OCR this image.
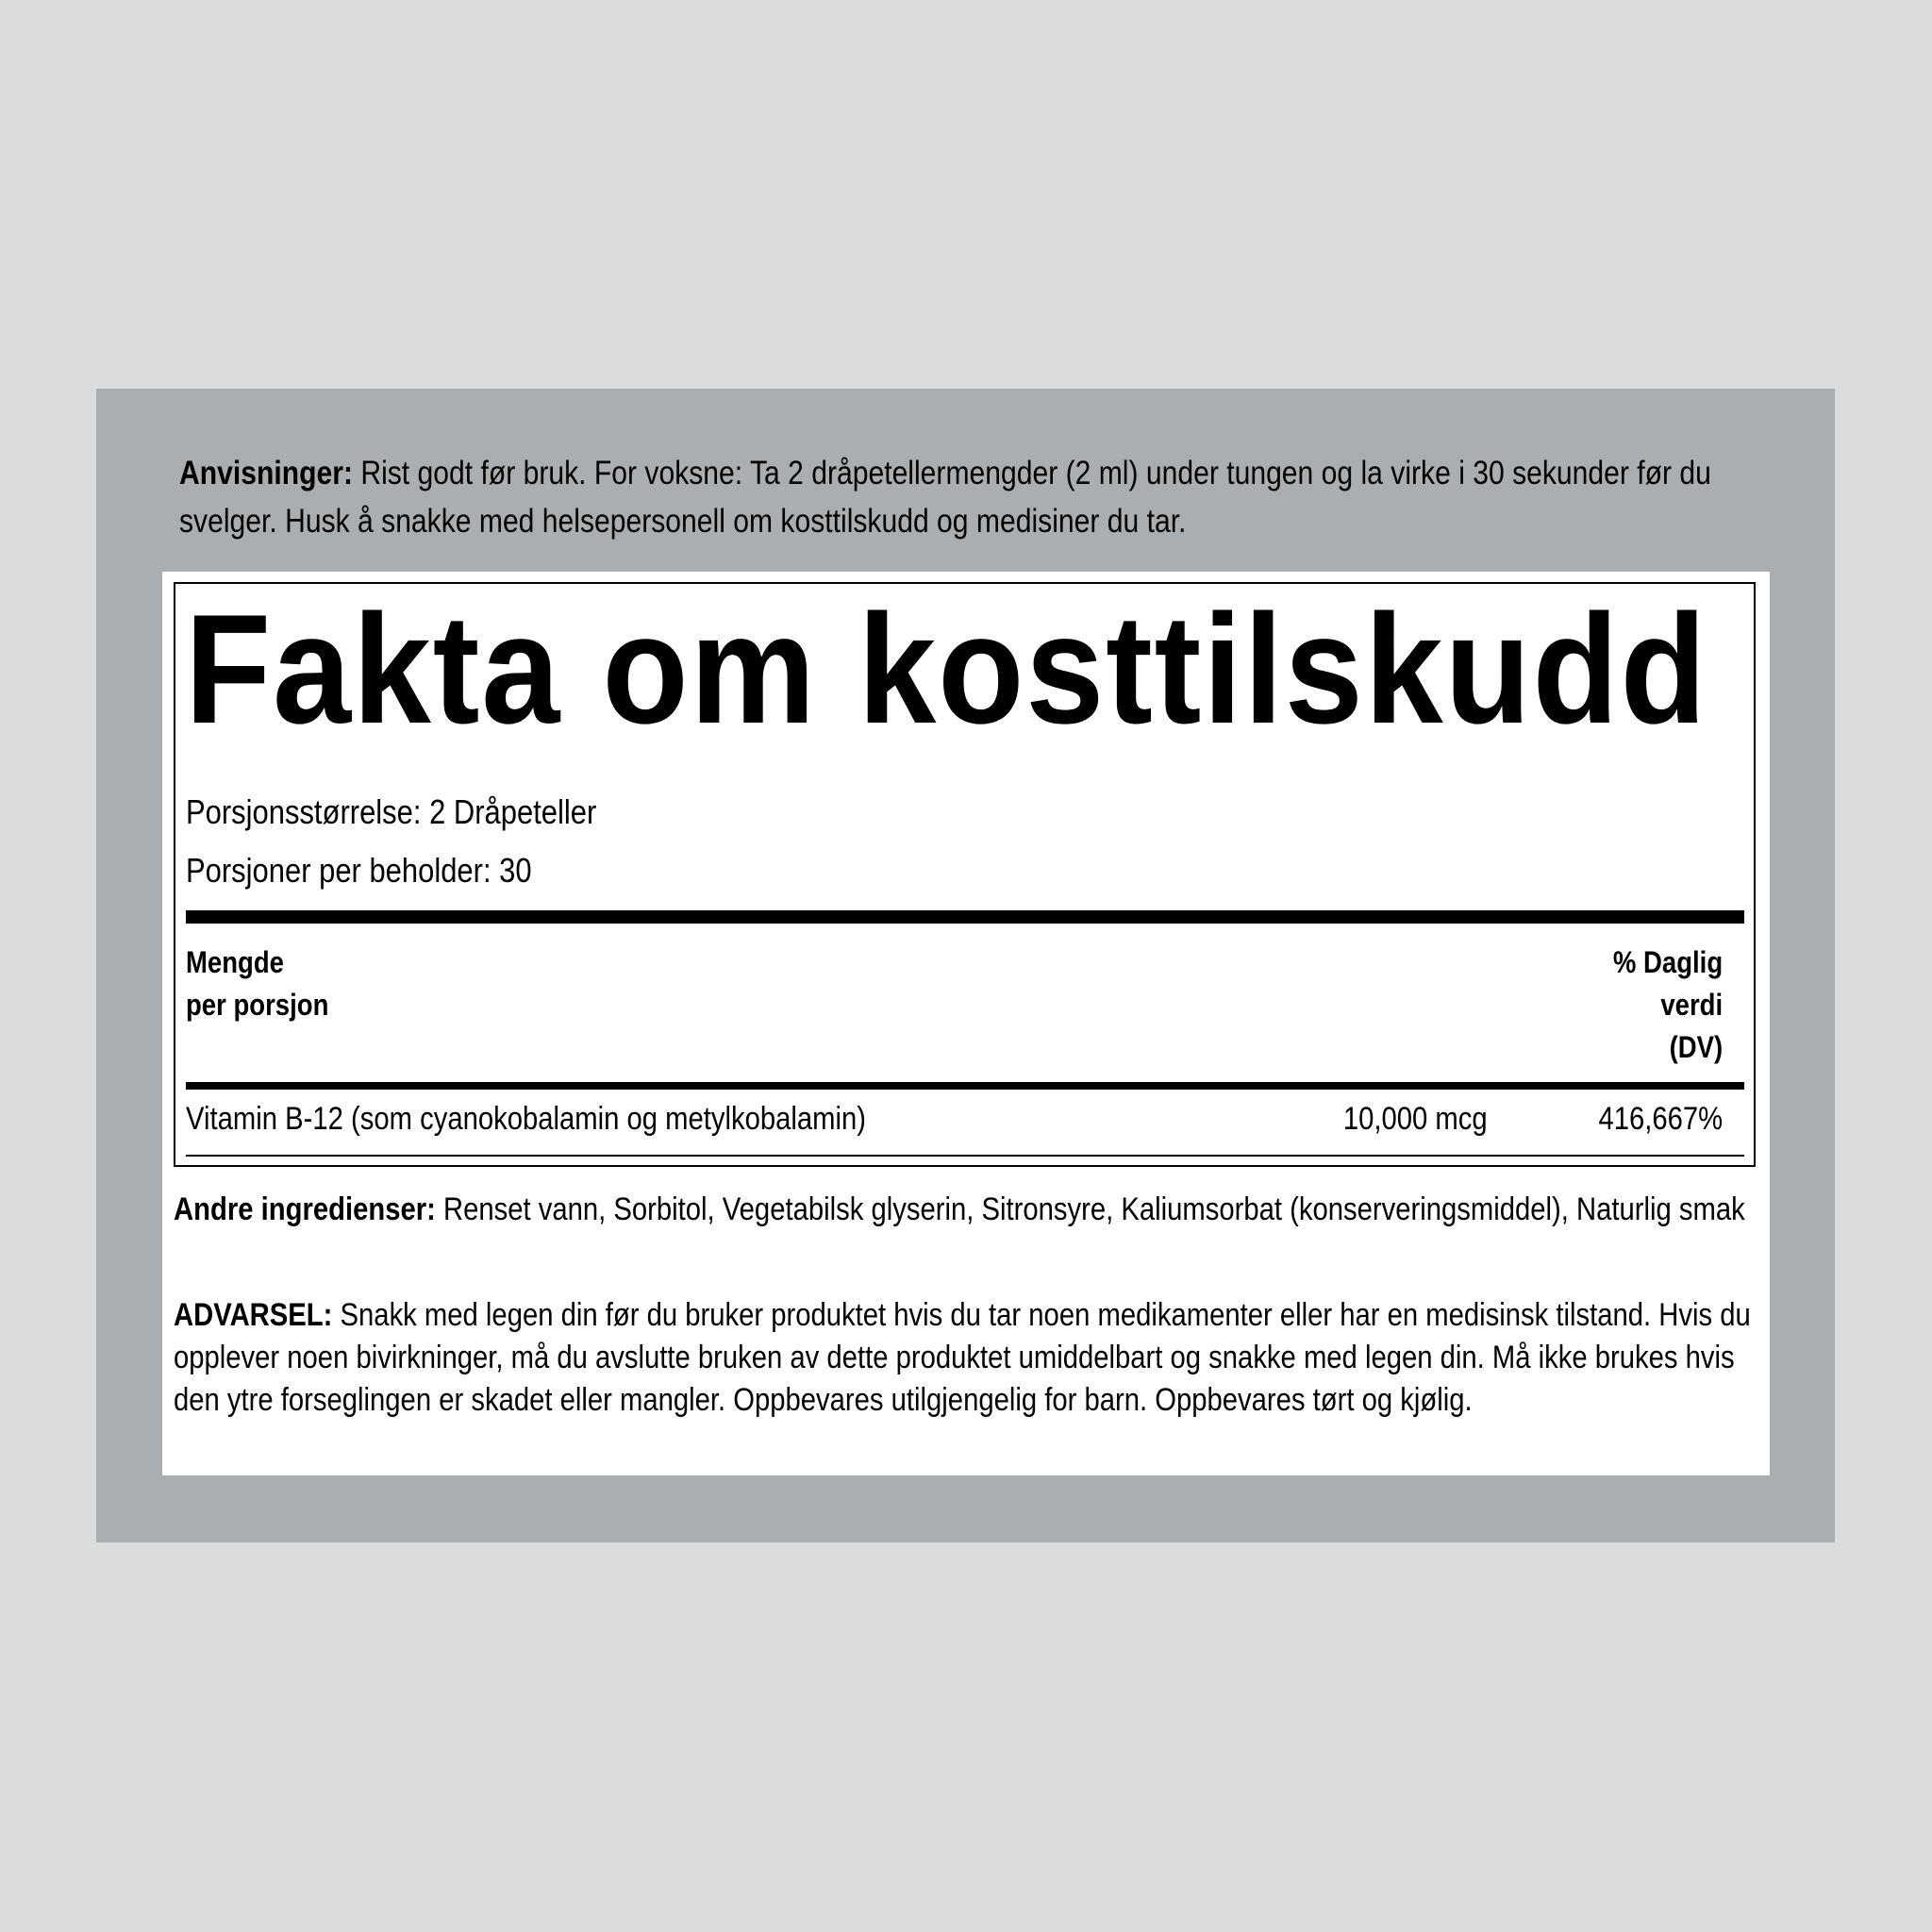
Anvisninger: Rist godt før bruk. For voksne: Ta 2 dråpetellermengder (2 ml) under tungen og la virke i 30 sekunder før du svelger. Husk å snakke med helsepersonell om kosttilskudd og medisiner du tar.
Fakta om kosttilskudd
Porsjonsstørrelse: 2 Dråpeteller
Porsjoner per beholder: 30
Mengde
per porsjon
% Daglig
verdi
(DV)
Vitamin B-12 (som cyanokobalamin og metylkobalamin)	10,000 mcg	416,667%
Andre ingredienser: Renset vann, Sorbitol, Vegetabilsk glyserin, Sitronsyre, Kaliumsorbat (konserveringsmiddel), Naturlig smak
ADVARSEL: Snakk med legen din før du bruker produktet hvis du tar noen medikamenter eller har en medisinsk tilstand. Hvis du opplever noen bivirkninger, må du avslutte bruken av dette produktet umiddelbart og snakke med legen din. Må ikke brukes hvis den ytre forseglingen er skadet eller mangler. Oppbevares utilgjengelig for barn. Oppbevares tørt og kjølig.
